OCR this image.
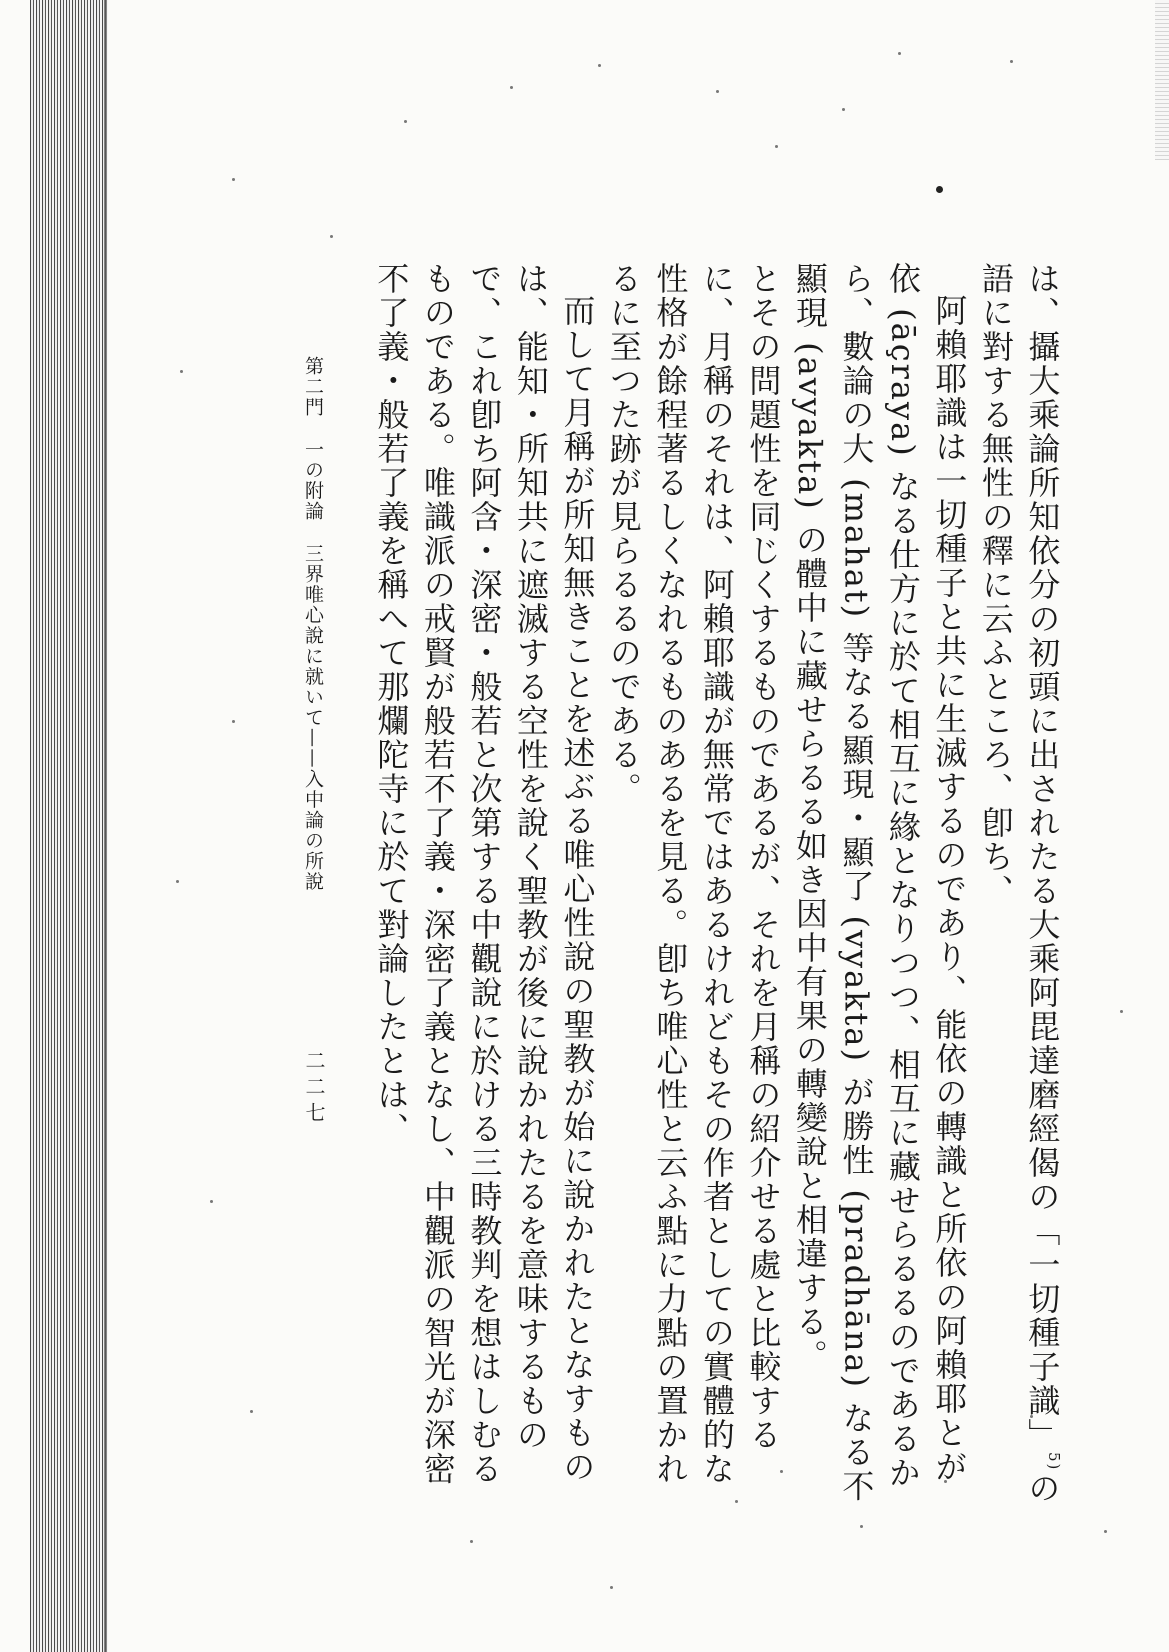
は、攝大乘論所知依分の初頭に出されたる大乘阿毘達磨經偈の「一切種子識」$^{5)}$の語に對する無性の釋に云ふところ、卽ち、

阿賴耶識は一切種子と共に生滅するのであり、能依の轉識と所依の阿賴耶とが依 (āçraya) なる仕方に於て相互に緣となりつつ、相互に藏せらるるのであるから、數論の大 (mahat) 等なる顯現・顯了 (vyakta) が勝性 (pradhāna) なる不顯現 (avyakta) の體中に藏せらるる如き因中有果の轉變說と相違する。

とその問題性を同じくするものであるが、それを月稱の紹介せる處と比較するに、月稱のそれは、阿賴耶識が無常ではあるけれどもその作者としての實體的な性格が餘程著るしくなれるものあるを見る。卽ち唯心性と云ふ點に力點の置かれるに至つた跡が見らるるのである。

而して月稱が所知無きことを述ぶる唯心性說の聖教が始に說かれたとなすものは、能知・所知共に遮滅する空性を說く聖教が後に說かれたるを意味するもので、これ卽ち阿含・深密・般若と次第する中觀說に於ける三時教判を想はしむるものである。唯識派の戒賢が般若不了義・深密了義となし、中觀派の智光が深密不了義・般若了義を稱へて那爛陀寺に於て對論したとは、

第二門一の附論三界唯心說に就いて——入中論の所說
二二七
